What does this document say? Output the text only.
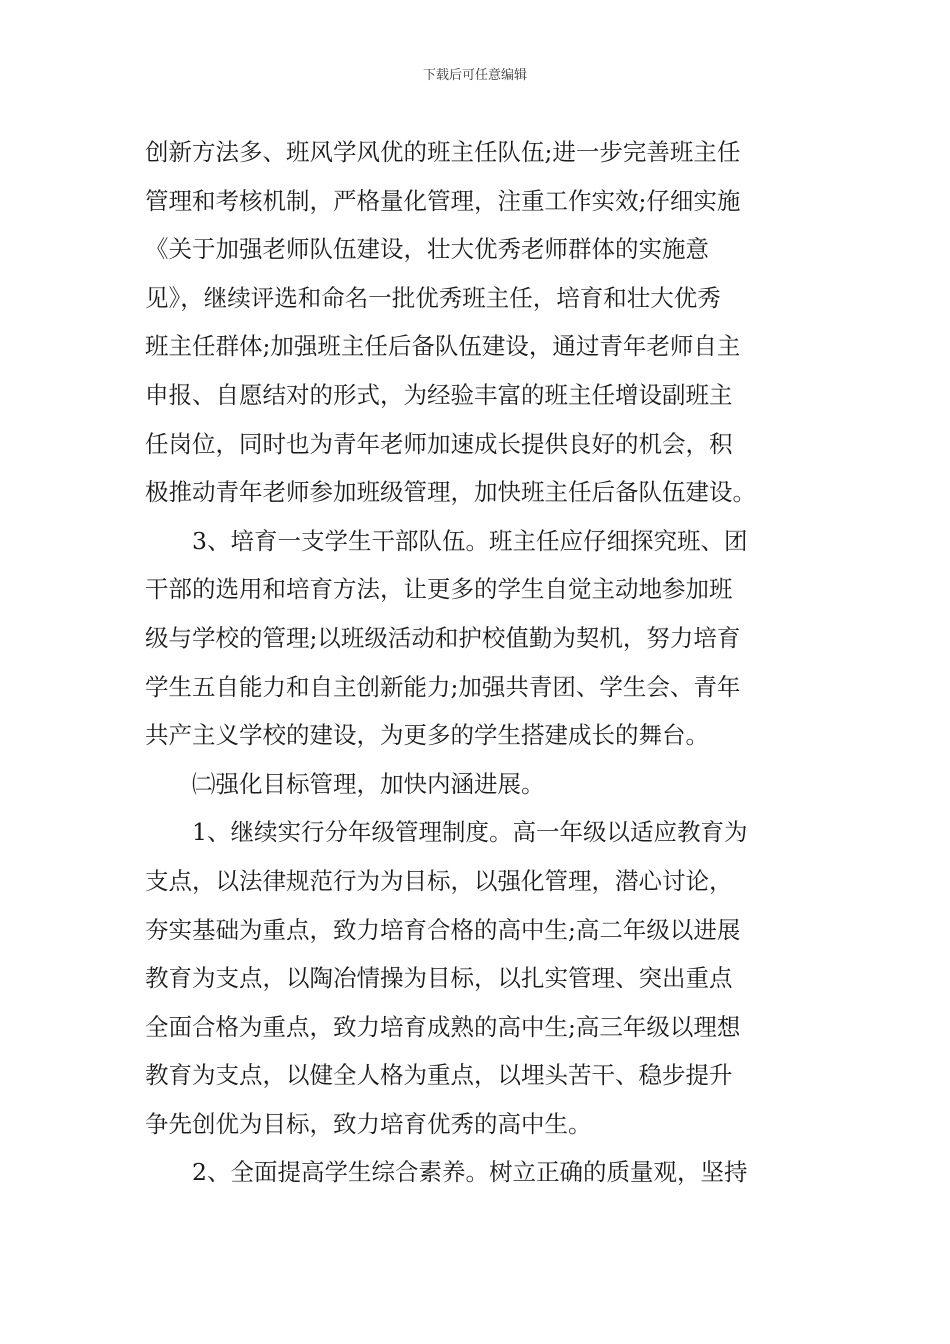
下载后可任意编辑
创新方法多、班风学风优的班主任队伍;进一步完善班主任
管理和考核机制，严格量化管理，注重工作实效;仔细实施
《关于加强老师队伍建设，壮大优秀老师群体的实施意
见》，继续评选和命名一批优秀班主任，培育和壮大优秀
班主任群体;加强班主任后备队伍建设，通过青年老师自主
申报、自愿结对的形式，为经验丰富的班主任增设副班主
任岗位，同时也为青年老师加速成长提供良好的机会，积
极推动青年老师参加班级管理，加快班主任后备队伍建设。
　　3、培育一支学生干部队伍。班主任应仔细探究班、团
干部的选用和培育方法，让更多的学生自觉主动地参加班
级与学校的管理;以班级活动和护校值勤为契机，努力培育
学生五自能力和自主创新能力;加强共青团、学生会、青年
共产主义学校的建设，为更多的学生搭建成长的舞台。
　　㈡强化目标管理，加快内涵进展。
　　1、继续实行分年级管理制度。高一年级以适应教育为
支点，以法律规范行为为目标，以强化管理，潜心讨论，
夯实基础为重点，致力培育合格的高中生;高二年级以进展
教育为支点，以陶冶情操为目标，以扎实管理、突出重点
全面合格为重点，致力培育成熟的高中生;高三年级以理想
教育为支点，以健全人格为重点，以埋头苦干、稳步提升
争先创优为目标，致力培育优秀的高中生。
　　2、全面提高学生综合素养。树立正确的质量观，坚持
